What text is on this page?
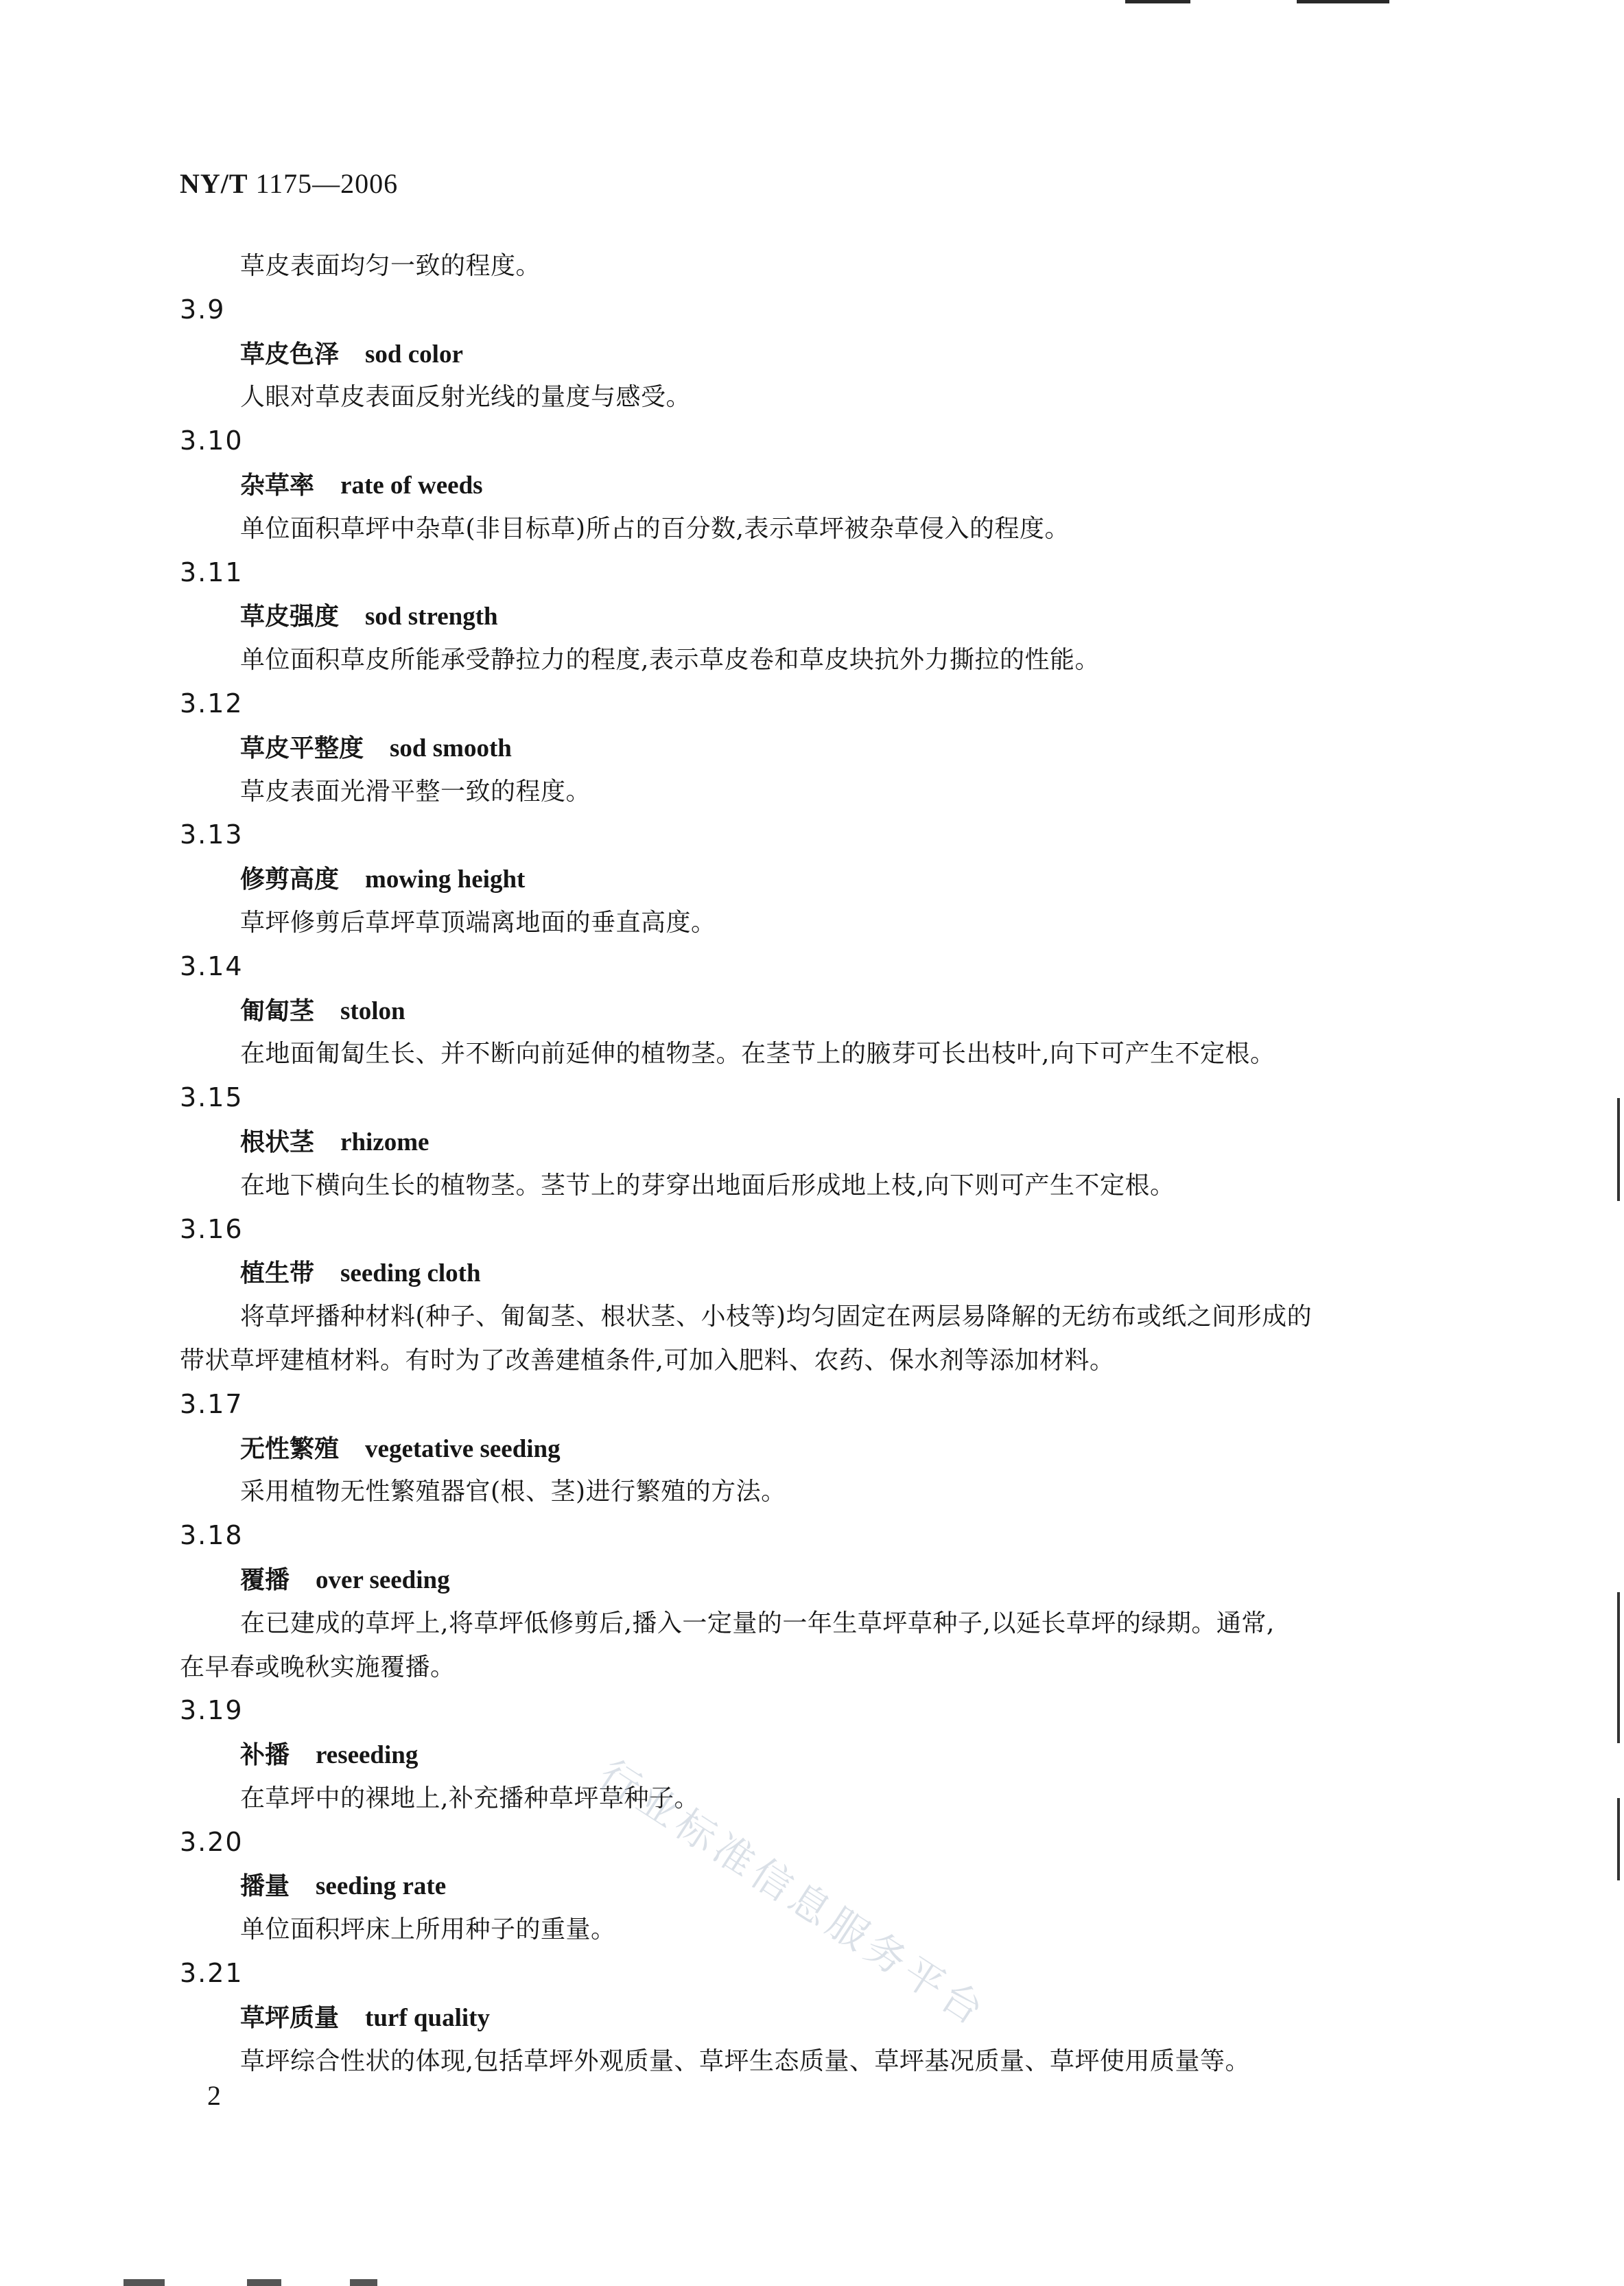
NY/T 1175—2006
草皮表面均匀一致的程度。
3.9
草皮色泽 sod color
人眼对草皮表面反射光线的量度与感受。
3.10
杂草率 rate of weeds
单位面积草坪中杂草(非目标草)所占的百分数,表示草坪被杂草侵入的程度。
3.11
草皮强度 sod strength
单位面积草皮所能承受静拉力的程度,表示草皮卷和草皮块抗外力撕拉的性能。
3.12
草皮平整度 sod smooth
草皮表面光滑平整一致的程度。
3.13
修剪高度 mowing height
草坪修剪后草坪草顶端离地面的垂直高度。
3.14
匍匐茎 stolon
在地面匍匐生长、并不断向前延伸的植物茎。在茎节上的腋芽可长出枝叶,向下可产生不定根。
3.15
根状茎 rhizome
在地下横向生长的植物茎。茎节上的芽穿出地面后形成地上枝,向下则可产生不定根。
3.16
植生带 seeding cloth
将草坪播种材料(种子、匍匐茎、根状茎、小枝等)均匀固定在两层易降解的无纺布或纸之间形成的
带状草坪建植材料。有时为了改善建植条件,可加入肥料、农药、保水剂等添加材料。
3.17
无性繁殖 vegetative seeding
采用植物无性繁殖器官(根、茎)进行繁殖的方法。
3.18
覆播 over seeding
在已建成的草坪上,将草坪低修剪后,播入一定量的一年生草坪草种子,以延长草坪的绿期。通常,
在早春或晚秋实施覆播。
3.19
补播 reseeding
在草坪中的裸地上,补充播种草坪草种子。
3.20
播量 seeding rate
单位面积坪床上所用种子的重量。
3.21
草坪质量 turf quality
草坪综合性状的体现,包括草坪外观质量、草坪生态质量、草坪基况质量、草坪使用质量等。
行业标准信息服务平台
2
